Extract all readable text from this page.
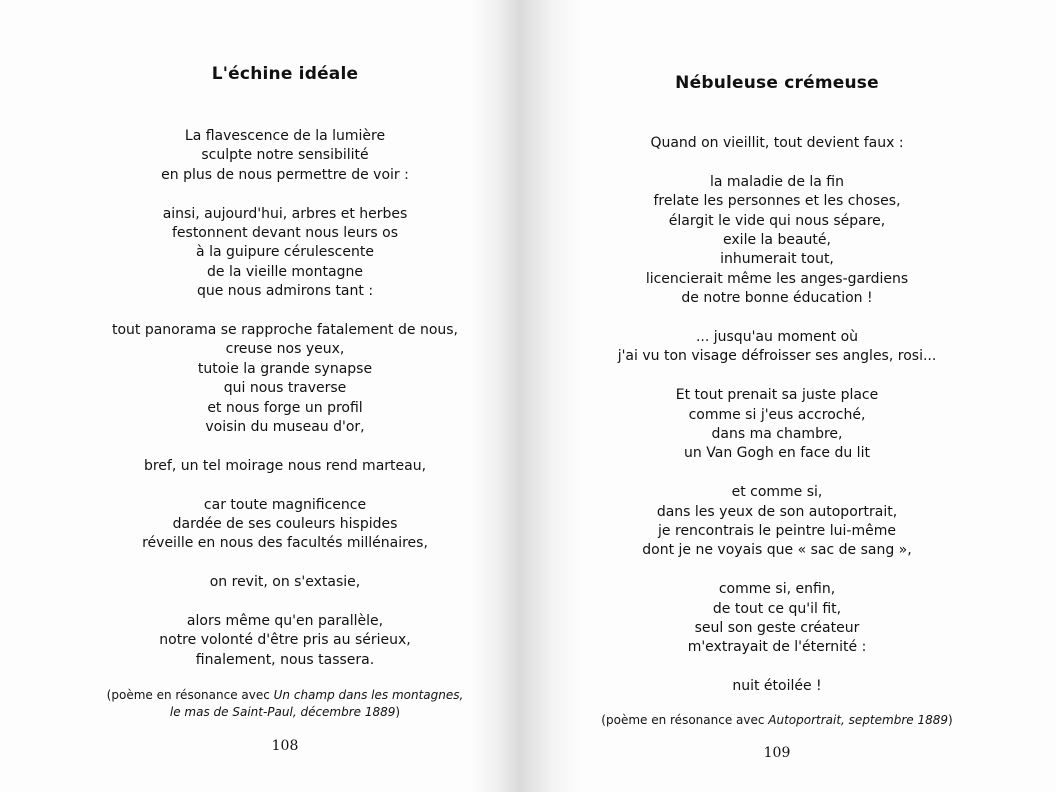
L'échine idéale
La flavescence de la lumière
sculpte notre sensibilité
en plus de nous permettre de voir :
ainsi, aujourd'hui, arbres et herbes
festonnent devant nous leurs os
à la guipure cérulescente
de la vieille montagne
que nous admirons tant :
tout panorama se rapproche fatalement de nous,
creuse nos yeux,
tutoie la grande synapse
qui nous traverse
et nous forge un profil
voisin du museau d'or,
bref, un tel moirage nous rend marteau,
car toute magnificence
dardée de ses couleurs hispides
réveille en nous des facultés millénaires,
on revit, on s'extasie,
alors même qu'en parallèle,
notre volonté d'être pris au sérieux,
finalement, nous tassera.
(poème en résonance avec Un champ dans les montagnes,
le mas de Saint-Paul, décembre 1889)
108
Nébuleuse crémeuse
Quand on vieillit, tout devient faux :
la maladie de la fin
frelate les personnes et les choses,
élargit le vide qui nous sépare,
exile la beauté,
inhumerait tout,
licencierait même les anges-gardiens
de notre bonne éducation !
... jusqu'au moment où
j'ai vu ton visage défroisser ses angles, rosi...
Et tout prenait sa juste place
comme si j'eus accroché,
dans ma chambre,
un Van Gogh en face du lit
et comme si,
dans les yeux de son autoportrait,
je rencontrais le peintre lui-même
dont je ne voyais que « sac de sang »,
comme si, enfin,
de tout ce qu'il fit,
seul son geste créateur
m'extrayait de l'éternité :
nuit étoilée !
(poème en résonance avec Autoportrait, septembre 1889)
109
